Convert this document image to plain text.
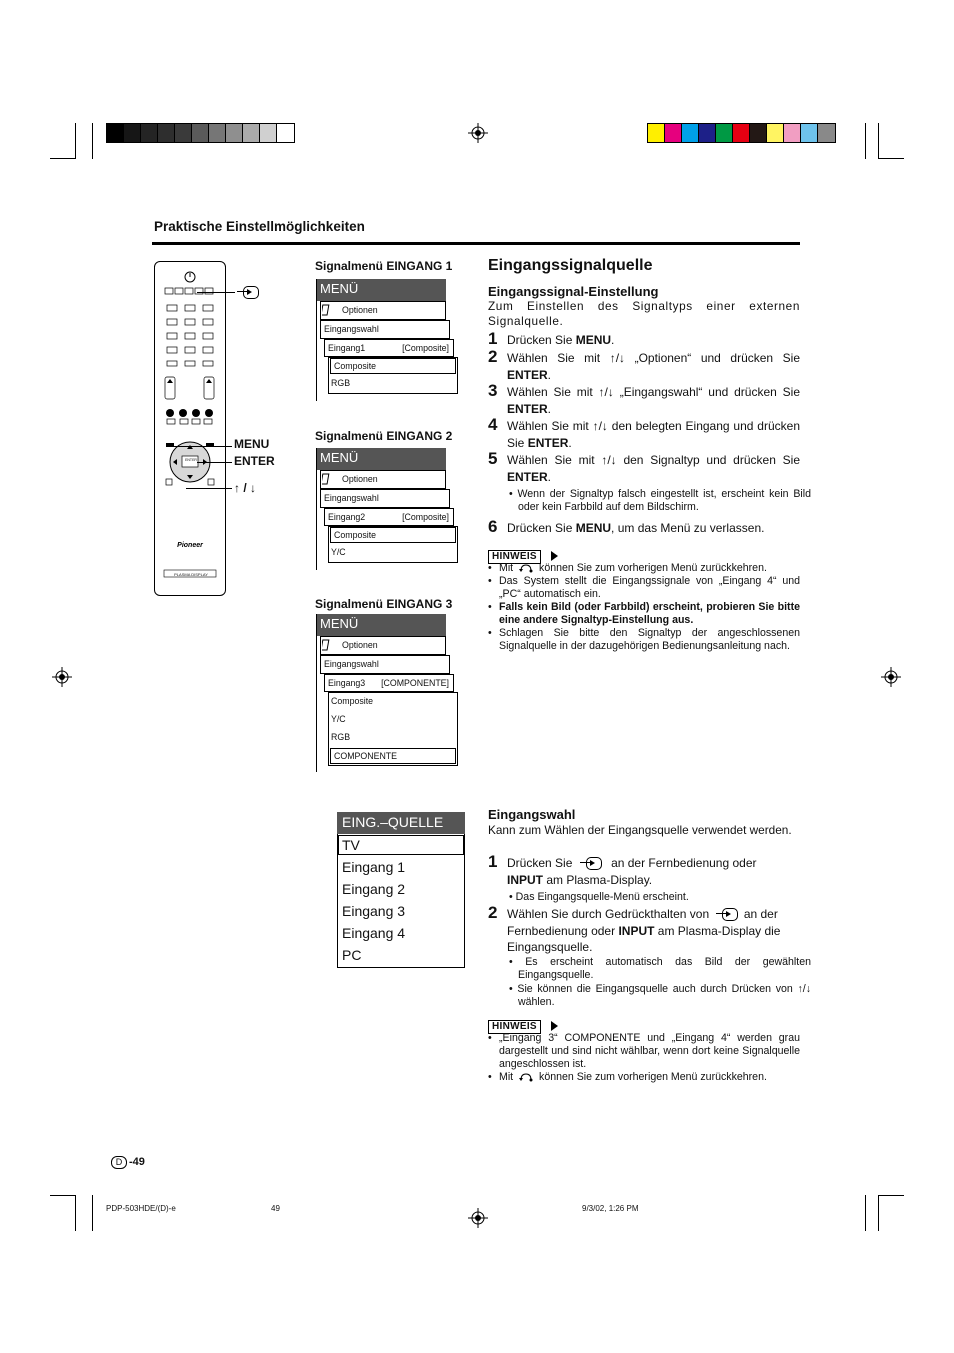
Praktische Einstellmöglichkeiten
Pioneer
ENTER
PLASMA DISPLAY
MENU
ENTER
↑ / ↓
Signalmenü EINGANG 1
MENÜ
Optionen
Eingangswahl
Eingang1	[Composite]
Composite
RGB
Signalmenü EINGANG 2
MENÜ
Optionen
Eingangswahl
Eingang2	[Composite]
Composite
Y/C
Signalmenü EINGANG 3
MENÜ
Optionen
Eingangswahl
Eingang3 [COMPONENTE]
Composite
Y/C
RGB
COMPONENTE
Eingangssignalquelle
Eingangssignal-Einstellung
Zum Einstellen des Signaltyps einer externen Signalquelle.
1 Drücken Sie MENU.
2 Wählen Sie mit ↑/↓ „Optionen“ und drücken Sie ENTER.
3 Wählen Sie mit ↑/↓ „Eingangswahl“ und drücken Sie ENTER.
4 Wählen Sie mit ↑/↓ den belegten Eingang und drücken Sie ENTER.
5 Wählen Sie mit ↑/↓ den Signaltyp und drücken Sie ENTER.
• Wenn der Signaltyp falsch eingestellt ist, erscheint kein Bild oder kein Farbbild auf dem Bildschirm.
6 Drücken Sie MENU, um das Menü zu verlassen.
HINWEIS
• Mit  können Sie zum vorherigen Menü zurückkehren.
• Das System stellt die Eingangssignale von „Eingang 4“ und „PC“ automatisch ein.
• Falls kein Bild (oder Farbbild) erscheint, probieren Sie bitte eine andere Signaltyp-Einstellung aus.
• Schlagen Sie bitte den Signaltyp der angeschlossenen Signalquelle in der dazugehörigen Bedienungsanleitung nach.
EING.–QUELLE
TV
Eingang 1
Eingang 2
Eingang 3
Eingang 4
PC
Eingangswahl
Kann zum Wählen der Eingangsquelle verwendet werden.
1 Drücken Sie	an der Fernbedienung oder
INPUT am Plasma-Display.
• Das Eingangsquelle-Menü erscheint.
2 Wählen Sie durch Gedrückthalten von	an der Fernbedienung oder INPUT am Plasma-Display die Eingangsquelle.
• Es erscheint automatisch das Bild der gewählten Eingangsquelle.
• Sie können die Eingangsquelle auch durch Drücken von ↑/↓ wählen.
HINWEIS
• „Eingang 3“ COMPONENTE und „Eingang 4“ werden grau dargestellt und sind nicht wählbar, wenn dort keine Signalquelle angeschlossen ist.
• Mit  können Sie zum vorherigen Menü zurückkehren.
D -49
PDP-503HDE/(D)-e	49	9/3/02, 1:26 PM
